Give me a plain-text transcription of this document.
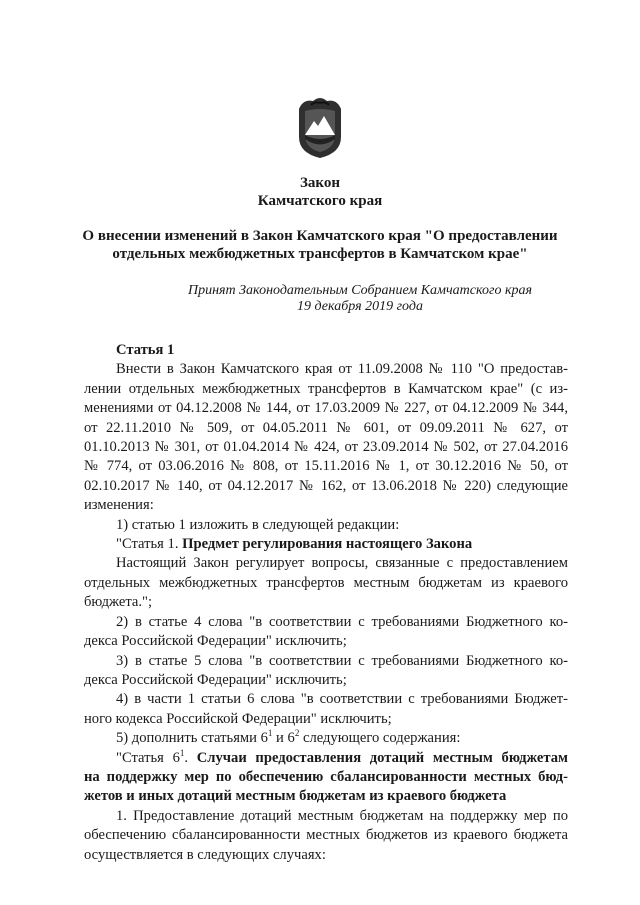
Закон
Камчатского края
О внесении изменений в Закон Камчатского края "О предоставлении
отдельных межбюджетных трансфертов в Камчатском крае"
Принят Законодательным Собранием Камчатского края
19 декабря 2019 года

Статья 1

Внести в Закон Камчатского края от 11.09.2008 № 110 "О предостав-

лении отдельных межбюджетных трансфертов в Камчатском крае" (с из-

менениями от 04.12.2008 № 144, от 17.03.2009 № 227, от 04.12.2009 № 344,

от 22.11.2010 № 509, от 04.05.2011 № 601, от 09.09.2011 № 627, от

01.10.2013 № 301, от 01.04.2014 № 424, от 23.09.2014 № 502, от 27.04.2016

№ 774, от 03.06.2016 № 808, от 15.11.2016 № 1, от 30.12.2016 № 50, от

02.10.2017 № 140, от 04.12.2017 № 162, от 13.06.2018 № 220) следующие

изменения:

1) статью 1 изложить в следующей редакции:

"Статья 1. Предмет регулирования настоящего Закона

Настоящий Закон регулирует вопросы, связанные с предоставлением

отдельных межбюджетных трансфертов местным бюджетам из краевого

бюджета.";

2) в статье 4 слова "в соответствии с требованиями Бюджетного ко-

декса Российской Федерации" исключить;

3) в статье 5 слова "в соответствии с требованиями Бюджетного ко-

декса Российской Федерации" исключить;

4) в части 1 статьи 6 слова "в соответствии с требованиями Бюджет-

ного кодекса Российской Федерации" исключить;

5) дополнить статьями $6^1$ и $6^2$ следующего содержания:

"Статья $6^1$. Случаи предоставления дотаций местным бюджетам

на поддержку мер по обеспечению сбалансированности местных бюд-

жетов и иных дотаций местным бюджетам из краевого бюджета

1. Предоставление дотаций местным бюджетам на поддержку мер по

обеспечению сбалансированности местных бюджетов из краевого бюджета

осуществляется в следующих случаях:
